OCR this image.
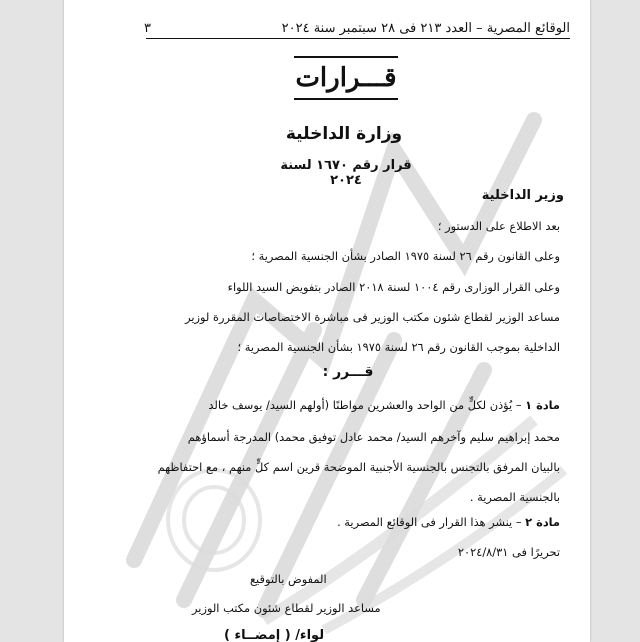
٣	الوقائع المصرية – العدد ٢١٣ فى ٢٨ سبتمبر سنة ٢٠٢٤
قـــرارات
وزارة الداخلية
قرار رقم ١٦٧٠ لسنة ٢٠٢٤
وزير الداخلية
بعد الاطلاع على الدستور ؛
وعلى القانون رقم ٢٦ لسنة ١٩٧٥ الصادر بشأن الجنسية المصرية ؛
وعلى القرار الوزارى رقم ١٠٠٤ لسنة ٢٠١٨ الصادر بتفويض السيد اللواء
مساعد الوزير لقطاع شئون مكتب الوزير فى مباشرة الاختصاصات المقررة لوزير
الداخلية بموجب القانون رقم ٢٦ لسنة ١٩٧٥ بشأن الجنسية المصرية ؛
قـــرر :
مادة ١ – يُؤذن لكلٍّ من الواحد والعشرين مواطنًا (أولهم السيد/ يوسف خالد
محمد إبراهيم سليم وآخرهم السيد/ محمد عادل توفيق محمد) المدرجة أسماؤهم
بالبيان المرفق بالتجنس بالجنسية الأجنبية الموضحة قرين اسم كلٍّ منهم ، مع احتفاظهم
بالجنسية المصرية .
مادة ٢ – ينشر هذا القرار فى الوقائع المصرية .
تحريرًا فى ٢٠٢٤/٨/٣١
المفوض بالتوقيع
مساعد الوزير لقطاع شئون مكتب الوزير
لواء/ ( إمضــاء )
